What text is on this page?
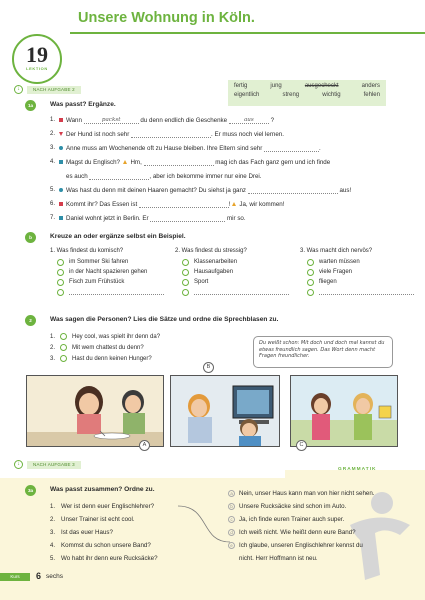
Unsere Wohnung in Köln.
19
LEKTION
↓	NACH AUFGABE 2
fertig	jung	ausgecheckt	anders
eigentlich	streng	wichtig	fehlen
1a	Was passt? Ergänze.
1.	Wann
	packst
	du denn endlich die Geschenke
	aus
	?
2.	Der Hund ist noch sehr
	. Er muss noch viel lernen.
3.	Anne muss am Wochenende oft zu Hause bleiben. Ihre Eltern sind sehr
	.
4.	Magst du Englisch?
Hm,

	mag ich das Fach ganz gern und ich finde
es auch
	, aber ich bekomme immer nur eine Drei.
5.	Was hast du denn mit deinen Haaren gemacht? Du siehst ja ganz

	aus!
6.	Kommt ihr? Das Essen ist
	!
Ja, wir kommen!
7.	Daniel wohnt jetzt in Berlin. Er

	mir so.
b	Kreuze an oder ergänze selbst ein Beispiel.
1. Was findest du komisch?
im Sommer Ski fahren
in der Nacht spazieren gehen
Fisch zum Frühstück
2. Was findest du stressig?
Klassenarbeiten
Hausaufgaben
Sport
3. Was macht dich nervös?
warten müssen
viele Fragen
fliegen
2	Was sagen die Personen? Lies die Sätze und ordne die Sprechblasen zu.
1.	Hey cool, was spielt ihr denn da?
2.	Mit wem chattest du denn?
3.	Hast du denn keinen Hunger?
Du weißt schon: Mit doch und doch mal kannst du etwas freundlich sagen. Das Wort denn macht Fragen freundlicher.
A
B
C
↓	NACH AUFGABE 3
GRAMMATIK
3a	Was passt zusammen? Ordne zu.
1. Wer ist denn euer Englischlehrer?
2. Unser Trainer ist echt cool.
3. Ist das euer Haus?
4. Kommst du schon unsere Band?
5. Wo habt ihr denn eure Rucksäcke?
a	Nein, unser Haus kann man von hier nicht sehen.
b	Unsere Rucksäcke sind schon im Auto.
c	Ja, ich finde euren Trainer auch super.
d	Ich weiß nicht. Wie heißt denn eure Band?
e	Ich glaube, unseren Englischlehrer kennst du
nicht. Herr Hoffmann ist neu.
Kurs	6 sechs
